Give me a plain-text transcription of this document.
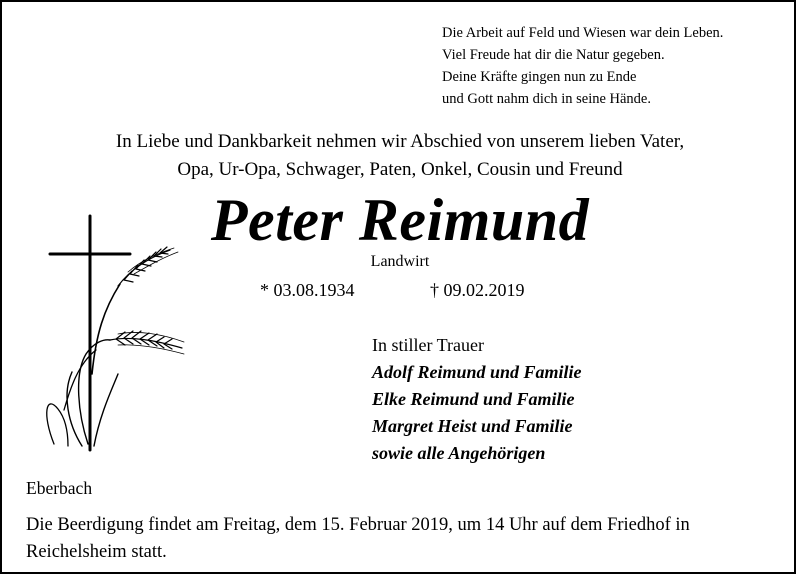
Die Arbeit auf Feld und Wiesen war dein Leben.
Viel Freude hat dir die Natur gegeben.
Deine Kräfte gingen nun zu Ende
und Gott nahm dich in seine Hände.
In Liebe und Dankbarkeit nehmen wir Abschied von unserem lieben Vater,
Opa, Ur-Opa, Schwager, Paten, Onkel, Cousin und Freund
Peter Reimund
Landwirt
* 03.08.1934	† 09.02.2019
In stiller Trauer
Adolf Reimund und Familie
Elke Reimund und Familie
Margret Heist und Familie
sowie alle Angehörigen
Eberbach
Die Beerdigung findet am Freitag, dem 15. Februar 2019, um 14 Uhr auf dem Friedhof in Reichelsheim statt.
